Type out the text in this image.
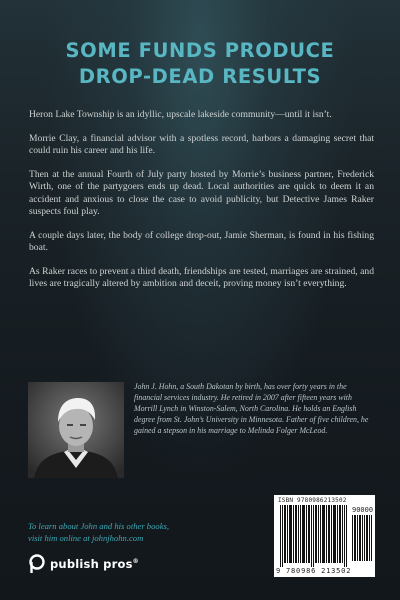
SOME FUNDS PRODUCE
DROP-DEAD RESULTS

Heron Lake Township is an idyllic, upscale lakeside community—until it isn’t.

Morrie Clay, a financial advisor with a spotless record, harbors a damaging secret that could ruin his career and his life.

Then at the annual Fourth of July party hosted by Morrie’s business partner, Frederick Wirth, one of the partygoers ends up dead. Local authorities are quick to deem it an accident and anxious to close the case to avoid publicity, but Detective James Raker suspects foul play.

A couple days later, the body of college drop-out, Jamie Sherman, is found in his fishing boat.

As Raker races to prevent a third death, friendships are tested, marriages are strained, and lives are tragically altered by ambition and deceit, proving money isn’t everything.

John J. Hohn, a South Dakotan by birth, has over forty years in the financial services industry. He retired in 2007 after fifteen years with Morrill Lynch in Winston-Salem, North Carolina. He holds an English degree from St. John’s University in Minnesota. Father of five children, he gained a stepson in his marriage to Melinda Folger McLeod.
To learn about John and his other books,
visit him online at johnjhohn.com
publish pros®
ISBN 9780986213502
90000
9 780986 213502
